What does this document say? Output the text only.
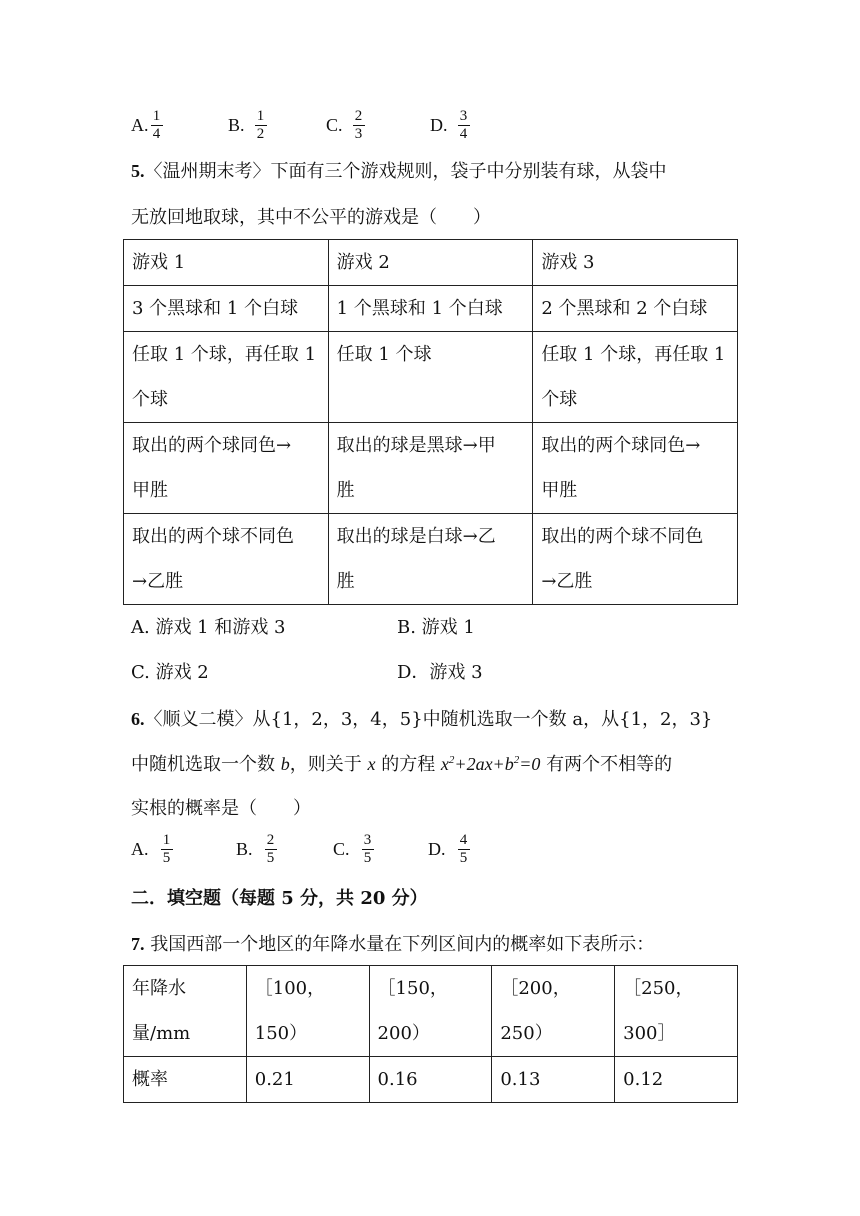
A. $\frac{1}{4}$	B. $\frac{1}{2}$	C. $\frac{2}{3}$	D. $\frac{3}{4}$
5.〈温州期末考〉下面有三个游戏规则，袋子中分别装有球，从袋中
无放回地取球，其中不公平的游戏是（　　）
游戏 1	游戏 2	游戏 3

3 个黑球和 1 个白球	1 个黑球和 1 个白球	2 个黑球和 2 个白球

任取 1 个球，再任取 1
个球	任取 1 个球	任取 1 个球，再任取 1
个球

取出的两个球同色→
甲胜	取出的球是黑球→甲
胜	取出的两个球同色→
甲胜

取出的两个球不同色
→乙胜	取出的球是白球→乙
胜	取出的两个球不同色
→乙胜
A. 游戏 1 和游戏 3	B. 游戏 1
C. 游戏 2	D．游戏 3
6.〈顺义二模〉从{1，2，3，4，5}中随机选取一个数 a，从{1，2，3}
中随机选取一个数 b，则关于 x 的方程 $x^2+2ax+b^2=0$ 有两个不相等的
实根的概率是（　　）
A. $\frac{1}{5}$	B. $\frac{2}{5}$	C. $\frac{3}{5}$	D. $\frac{4}{5}$
二．填空题（每题 5 分，共 20 分）
7. 我国西部一个地区的年降水量在下列区间内的概率如下表所示：
年降水
量/mm	［100，150）	［150，200）	［200，250）	［250，300］

概率	0.21	0.16	0.13	0.12
